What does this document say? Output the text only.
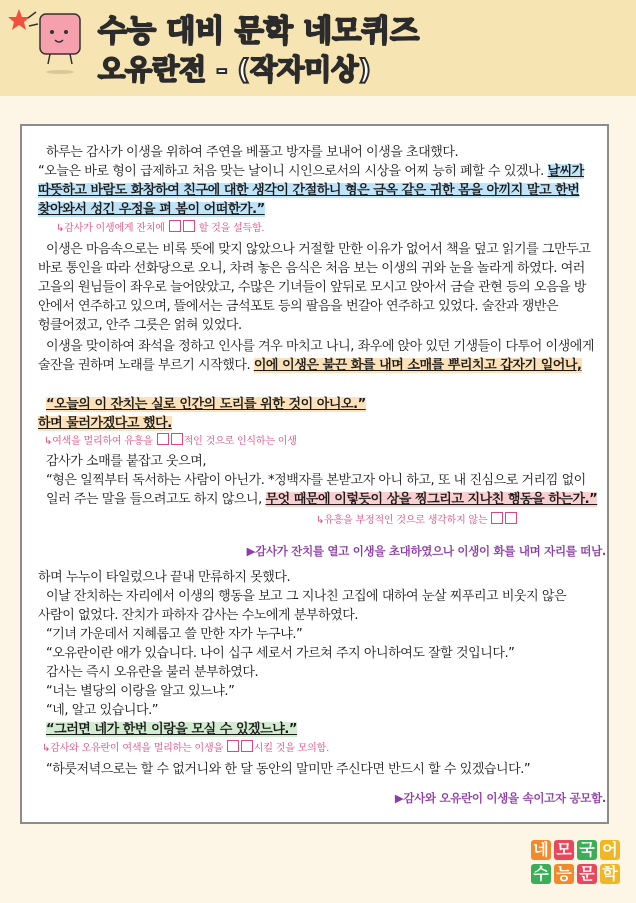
수능 대비 문학 네모퀴즈
오유란전 - (작자미상)

하루는 감사가 이생을 위하여 주연을 베풀고 방자를 보내어 이생을 초대했다.

“오늘은 바로 형이 급제하고 처음 맞는 날이니 시인으로서의 시상을 어찌 능히 폐할 수 있겠나. 날씨가 따뜻하고 바람도 화창하여 친구에 대한 생각이 간절하니 형은 금옥 같은 귀한 몸을 아끼지 말고 한번 찾아와서 성긴 우정을 펴 봄이 어떠한가.”

↳감사가 이생에게 잔치에	할 것을 설득함.

이생은 마음속으로는 비록 뜻에 맞지 않았으나 거절할 만한 이유가 없어서 책을 덮고 읽기를 그만두고 바로 통인을 따라 선화당으로 오니, 차려 놓은 음식은 처음 보는 이생의 귀와 눈을 놀라게 하였다. 여러 고을의 원님들이 좌우로 늘어앉았고, 수많은 기녀들이 앞뒤로 모시고 앉아서 금슬 관현 등의 오음을 방 안에서 연주하고 있으며, 뜰에서는 금석포토 등의 팔음을 번갈아 연주하고 있었다. 술잔과 쟁반은 헝클어졌고, 안주 그릇은 얽혀 있었다.

이생을 맞이하여 좌석을 정하고 인사를 겨우 마치고 나니, 좌우에 앉아 있던 기생들이 다투어 이생에게 술잔을 권하며 노래를 부르기 시작했다. 이에 이생은 불끈 화를 내며 소매를 뿌리치고 갑자기 일어나,

“오늘의 이 잔치는 실로 인간의 도리를 위한 것이 아니오.”

하며 물러가겠다고 했다.

↳여색을 멀리하여 유흥을	적인 것으로 인식하는 이생

감사가 소매를 붙잡고 웃으며,

“형은 일찍부터 독서하는 사람이 아닌가. *정백자를 본받고자 아니 하고, 또 내 진심으로 거리낌 없이 일러 주는 말을 들으려고도 하지 않으니, 무엇 때문에 이렇듯이 상을 찡그리고 지나친 행동을 하는가.”

↳유흥을 부정적인 것으로 생각하지 않는
▶감사가 잔치를 열고 이생을 초대하였으나 이생이 화를 내며 자리를 떠남.

하며 누누이 타일렀으나 끝내 만류하지 못했다.

이날 잔치하는 자리에서 이생의 행동을 보고 그 지나친 고집에 대하여 눈살 찌푸리고 비웃지 않은 사람이 없었다. 잔치가 파하자 감사는 수노에게 분부하였다.

“기녀 가운데서 지혜롭고 쓸 만한 자가 누구냐.”

“오유란이란 애가 있습니다. 나이 십구 세로서 가르쳐 주지 아니하여도 잘할 것입니다.”

감사는 즉시 오유란을 불러 분부하였다.

“너는 별당의 이랑을 알고 있느냐.”

“네, 알고 있습니다.”

“그러면 네가 한번 이랑을 모실 수 있겠느냐.”

↳감사와 오유란이 여색을 멀리하는 이생을	시킬 것을 모의함.

“하룻저녁으로는 할 수 없거니와 한 달 동안의 말미만 주신다면 반드시 할 수 있겠습니다.”

▶감사와 오유란이 이생을 속이고자 공모함.
네 모 국 어
수 능 문 학
